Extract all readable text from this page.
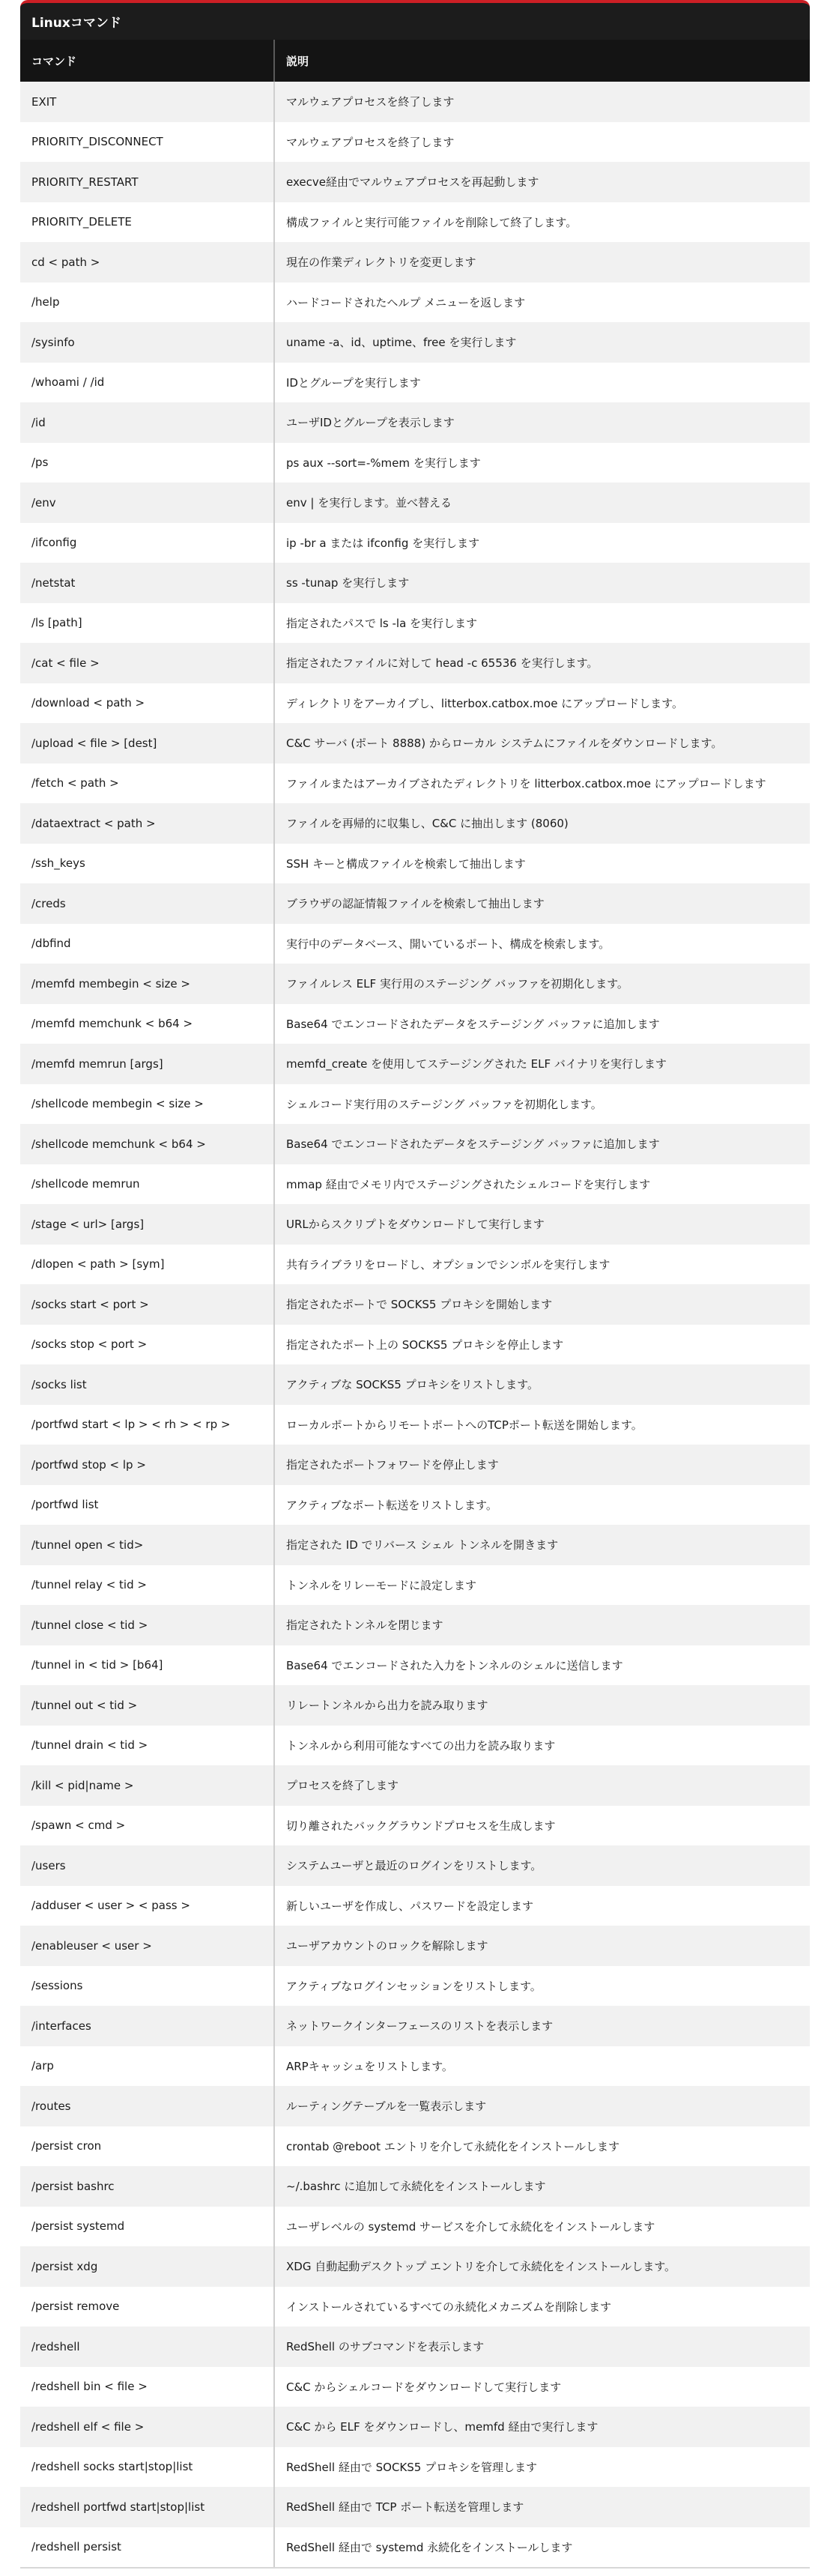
Linuxコマンド
コマンド	説明
EXIT	マルウェアプロセスを終了します
PRIORITY_DISCONNECT	マルウェアプロセスを終了します
PRIORITY_RESTART	execve経由でマルウェアプロセスを再起動します
PRIORITY_DELETE	構成ファイルと実行可能ファイルを削除して終了します。
cd < path >	現在の作業ディレクトリを変更します
/help	ハードコードされたヘルプ メニューを返します
/sysinfo	uname -a、id、uptime、free を実行します
/whoami / /id	IDとグループを実行します
/id	ユーザIDとグループを表示します
/ps	ps aux --sort=-%mem を実行します
/env	env | を実行します。並べ替える
/ifconfig	ip -br a または ifconfig を実行します
/netstat	ss -tunap を実行します
/ls [path]	指定されたパスで ls -la を実行します
/cat < file >	指定されたファイルに対して head -c 65536 を実行します。
/download < path >	ディレクトリをアーカイブし、litterbox.catbox.moe にアップロードします。
/upload < file > [dest]	C&C サーバ (ポート 8888) からローカル システムにファイルをダウンロードします。
/fetch < path >	ファイルまたはアーカイブされたディレクトリを litterbox.catbox.moe にアップロードします
/dataextract < path >	ファイルを再帰的に収集し、C&C に抽出します (8060)
/ssh_keys	SSH キーと構成ファイルを検索して抽出します
/creds	ブラウザの認証情報ファイルを検索して抽出します
/dbfind	実行中のデータベース、開いているポート、構成を検索します。
/memfd membegin < size >	ファイルレス ELF 実行用のステージング バッファを初期化します。
/memfd memchunk < b64 >	Base64 でエンコードされたデータをステージング バッファに追加します
/memfd memrun [args]	memfd_create を使用してステージングされた ELF バイナリを実行します
/shellcode membegin < size >	シェルコード実行用のステージング バッファを初期化します。
/shellcode memchunk < b64 >	Base64 でエンコードされたデータをステージング バッファに追加します
/shellcode memrun	mmap 経由でメモリ内でステージングされたシェルコードを実行します
/stage < url> [args]	URLからスクリプトをダウンロードして実行します
/dlopen < path > [sym]	共有ライブラリをロードし、オプションでシンボルを実行します
/socks start < port >	指定されたポートで SOCKS5 プロキシを開始します
/socks stop < port >	指定されたポート上の SOCKS5 プロキシを停止します
/socks list	アクティブな SOCKS5 プロキシをリストします。
/portfwd start < lp > < rh > < rp >	ローカルポートからリモートポートへのTCPポート転送を開始します。
/portfwd stop < lp >	指定されたポートフォワードを停止します
/portfwd list	アクティブなポート転送をリストします。
/tunnel open < tid>	指定された ID でリバース シェル トンネルを開きます
/tunnel relay < tid >	トンネルをリレーモードに設定します
/tunnel close < tid >	指定されたトンネルを閉じます
/tunnel in < tid > [b64]	Base64 でエンコードされた入力をトンネルのシェルに送信します
/tunnel out < tid >	リレートンネルから出力を読み取ります
/tunnel drain < tid >	トンネルから利用可能なすべての出力を読み取ります
/kill < pid|name >	プロセスを終了します
/spawn < cmd >	切り離されたバックグラウンドプロセスを生成します
/users	システムユーザと最近のログインをリストします。
/adduser < user > < pass >	新しいユーザを作成し、パスワードを設定します
/enableuser < user >	ユーザアカウントのロックを解除します
/sessions	アクティブなログインセッションをリストします。
/interfaces	ネットワークインターフェースのリストを表示します
/arp	ARPキャッシュをリストします。
/routes	ルーティングテーブルを一覧表示します
/persist cron	crontab @reboot エントリを介して永続化をインストールします
/persist bashrc	~/.bashrc に追加して永続化をインストールします
/persist systemd	ユーザレベルの systemd サービスを介して永続化をインストールします
/persist xdg	XDG 自動起動デスクトップ エントリを介して永続化をインストールします。
/persist remove	インストールされているすべての永続化メカニズムを削除します
/redshell	RedShell のサブコマンドを表示します
/redshell bin < file >	C&C からシェルコードをダウンロードして実行します
/redshell elf < file >	C&C から ELF をダウンロードし、memfd 経由で実行します
/redshell socks start|stop|list	RedShell 経由で SOCKS5 プロキシを管理します
/redshell portfwd start|stop|list	RedShell 経由で TCP ポート転送を管理します
/redshell persist	RedShell 経由で systemd 永続化をインストールします
